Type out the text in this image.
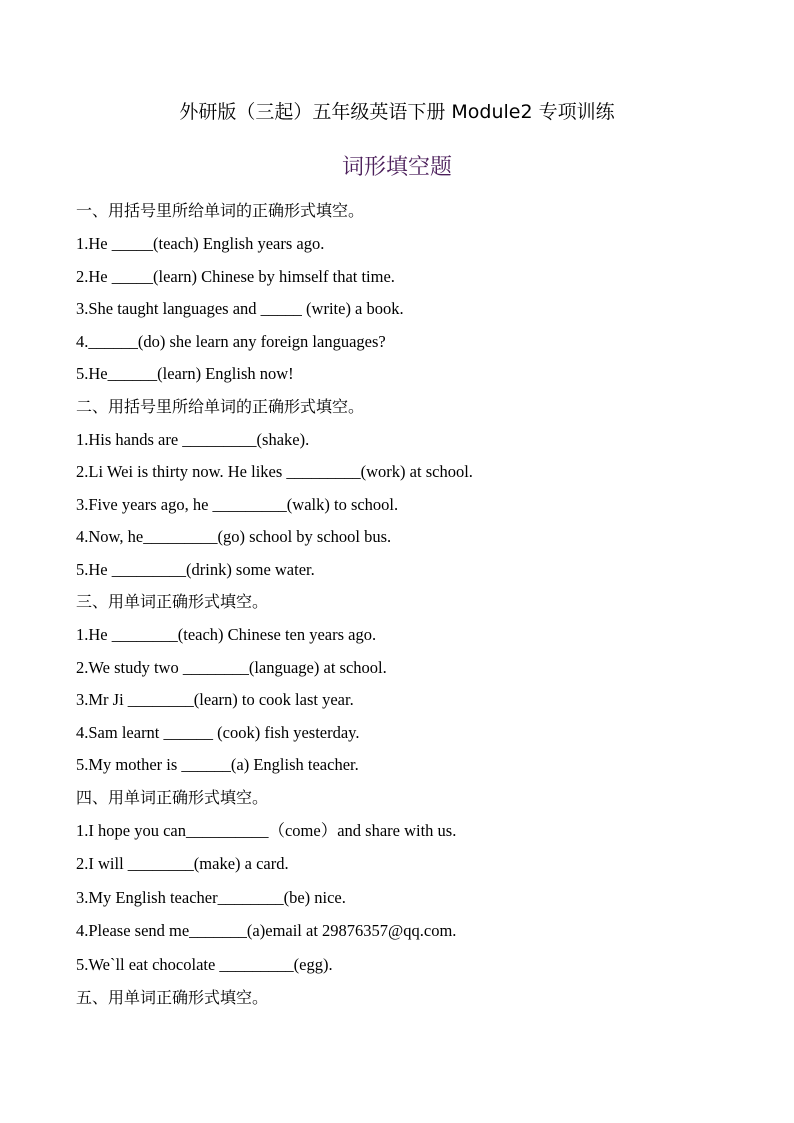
外研版（三起）五年级英语下册 Module2 专项训练
词形填空题
一、用括号里所给单词的正确形式填空。
1.He _____(teach) English years ago.
2.He _____(learn) Chinese by himself that time.
3.She taught languages and _____ (write) a book.
4.______(do) she learn any foreign languages?
5.He______(learn) English now!
二、用括号里所给单词的正确形式填空。
1.His hands are _________(shake).
2.Li Wei is thirty now. He likes _________(work) at school.
3.Five years ago, he _________(walk) to school.
4.Now, he_________(go) school by school bus.
5.He _________(drink) some water.
三、用单词正确形式填空。
1.He ________(teach) Chinese ten years ago.
2.We study two ________(language) at school.
3.Mr Ji ________(learn) to cook last year.
4.Sam learnt ______ (cook) fish yesterday.
5.My mother is ______(a) English teacher.
四、用单词正确形式填空。
1.I hope you can__________（come）and share with us.
2.I will ________(make) a card.
3.My English teacher________(be) nice.
4.Please send me_______(a)email at 29876357@qq.com.
5.We`ll eat chocolate _________(egg).
五、用单词正确形式填空。
